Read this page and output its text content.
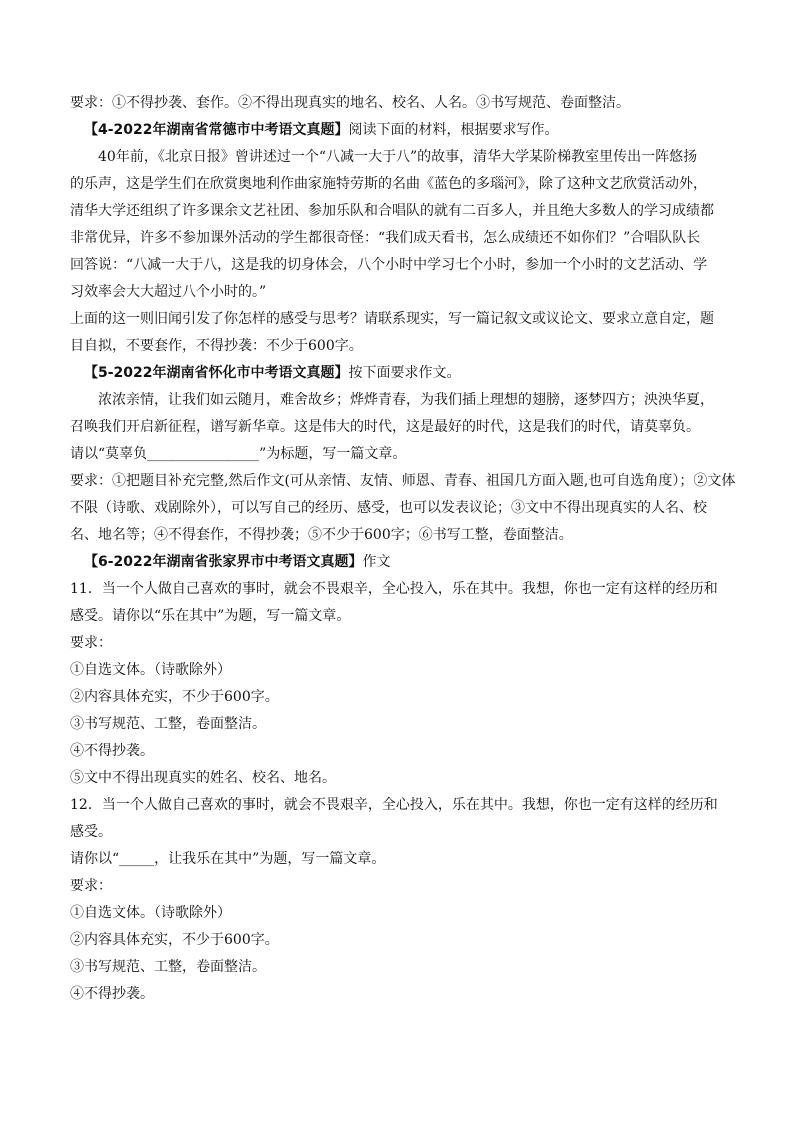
要求：①不得抄袭、套作。②不得出现真实的地名、校名、人名。③书写规范、卷面整洁。

【4-2022年湖南省常德市中考语文真题】阅读下面的材料，根据要求写作。

40年前，《北京日报》曾讲述过一个“八减一大于八”的故事，清华大学某阶梯教室里传出一阵悠扬

的乐声，这是学生们在欣赏奥地利作曲家施特劳斯的名曲《蓝色的多瑙河》，除了这种文艺欣赏活动外，

清华大学还组织了许多课余文艺社团、参加乐队和合唱队的就有二百多人，并且绝大多数人的学习成绩都

非常优异，许多不参加课外活动的学生都很奇怪：“我们成天看书，怎么成绩还不如你们？”合唱队队长

回答说：“八减一大于八，这是我的切身体会，八个小时中学习七个小时，参加一个小时的文艺活动、学

习效率会大大超过八个小时的。”

上面的这一则旧闻引发了你怎样的感受与思考？请联系现实，写一篇记叙文或议论文、要求立意自定，题

目自拟，不要套作，不得抄袭：不少于600字。

【5-2022年湖南省怀化市中考语文真题】按下面要求作文。

浓浓亲情，让我们如云随月，难舍故乡；烨烨青春，为我们插上理想的翅膀，逐梦四方；泱泱华夏，

召唤我们开启新征程，谱写新华章。这是伟大的时代，这是最好的时代，这是我们的时代，请莫辜负。

请以“莫辜负________________”为标题，写一篇文章。

要求：①把题目补充完整,然后作文(可从亲情、友情、师恩、青春、祖国几方面入题,也可自选角度）；②文体

不限（诗歌、戏剧除外），可以写自己的经历、感受，也可以发表议论；③文中不得出现真实的人名、校

名、地名等；④不得套作，不得抄袭；⑤不少于600字；⑥书写工整，卷面整洁。

【6-2022年湖南省张家界市中考语文真题】作文

11．当一个人做自己喜欢的事时，就会不畏艰辛，全心投入，乐在其中。我想，你也一定有这样的经历和

感受。请你以“乐在其中”为题，写一篇文章。

要求：

①自选文体。（诗歌除外）

②内容具体充实，不少于600字。

③书写规范、工整，卷面整洁。

④不得抄袭。

⑤文中不得出现真实的姓名、校名、地名。

12．当一个人做自己喜欢的事时，就会不畏艰辛，全心投入，乐在其中。我想，你也一定有这样的经历和

感受。

请你以“_____，让我乐在其中”为题，写一篇文章。

要求：

①自选文体。（诗歌除外）

②内容具体充实，不少于600字。

③书写规范、工整，卷面整洁。

④不得抄袭。
